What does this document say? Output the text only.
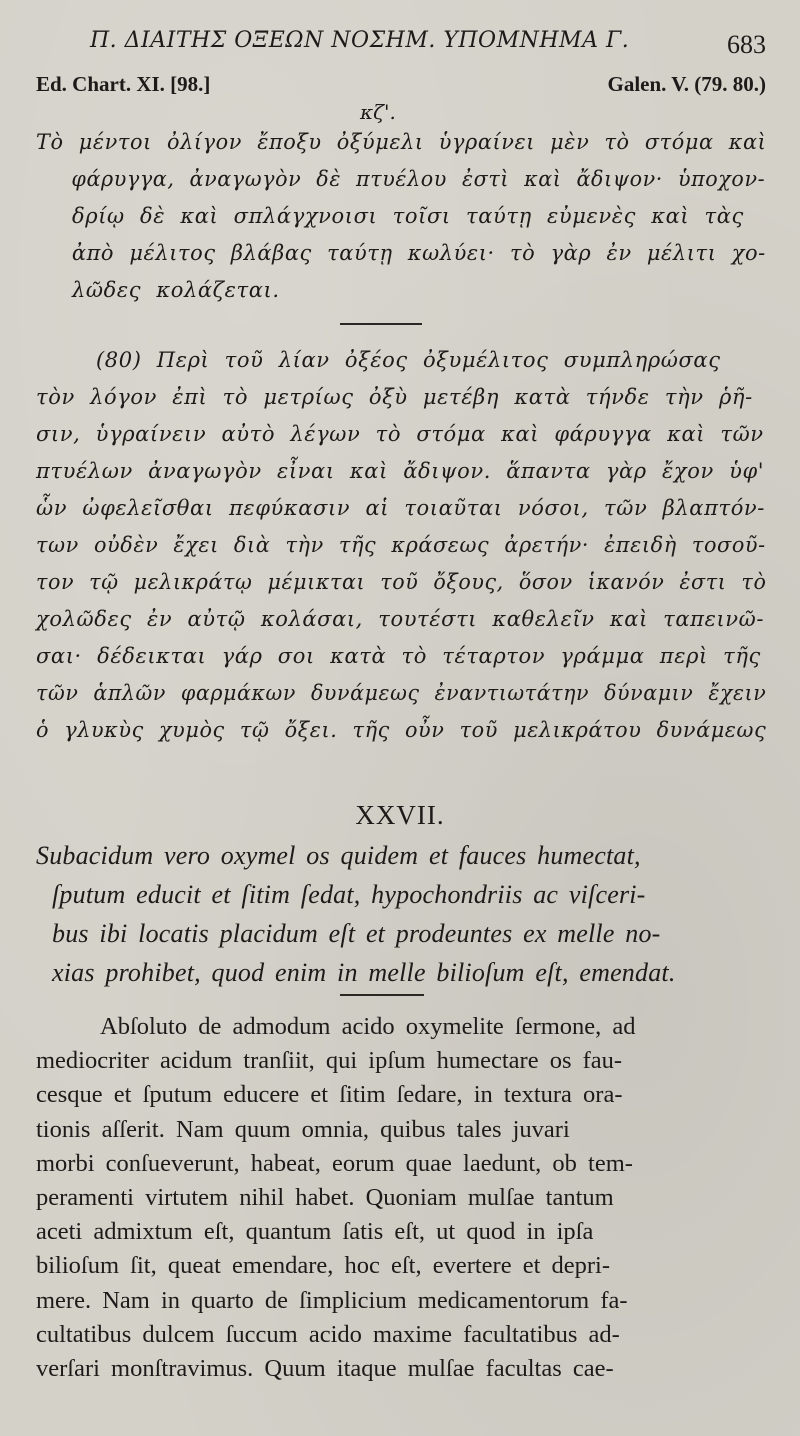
Π. ΔΙΑΙΤΗΣ ΟΞΕΩΝ ΝΟΣΗΜ. ΥΠΟΜΝΗΜΑ Γ.	683
Ed. Chart. XI. [98.]	Galen. V. (79. 80.)
κζ'.
Τὸ μέντοι ὀλίγον ἔποξυ ὀξύμελι ὑγραίνει μὲν τὸ στόμα καὶ
φάρυγγα, ἀναγωγὸν δὲ πτυέλου ἐστὶ καὶ ἄδιψον· ὑποχον-
δρίῳ δὲ καὶ σπλάγχνοισι τοῖσι ταύτῃ εὐμενὲς καὶ τὰς
ἀπὸ μέλιτος βλάβας ταύτῃ κωλύει· τὸ γὰρ ἐν μέλιτι χο-
λῶδες κολάζεται.
(80) Περὶ τοῦ λίαν ὀξέος ὀξυμέλιτος συμπληρώσας
τὸν λόγον ἐπὶ τὸ μετρίως ὀξὺ μετέβη κατὰ τήνδε τὴν ῥῆ-
σιν, ὑγραίνειν αὐτὸ λέγων τὸ στόμα καὶ φάρυγγα καὶ τῶν
πτυέλων ἀναγωγὸν εἶναι καὶ ἄδιψον. ἅπαντα γὰρ ἔχον ὑφ'
ὧν ὠφελεῖσθαι πεφύκασιν αἱ τοιαῦται νόσοι, τῶν βλαπτόν-
των οὐδὲν ἔχει διὰ τὴν τῆς κράσεως ἀρετήν· ἐπειδὴ τοσοῦ-
τον τῷ μελικράτῳ μέμικται τοῦ ὄξους, ὅσον ἱκανόν ἐστι τὸ
χολῶδες ἐν αὐτῷ κολάσαι, τουτέστι καθελεῖν καὶ ταπεινῶ-
σαι· δέδεικται γάρ σοι κατὰ τὸ τέταρτον γράμμα περὶ τῆς
τῶν ἁπλῶν φαρμάκων δυνάμεως ἐναντιωτάτην δύναμιν ἔχειν
ὁ γλυκὺς χυμὸς τῷ ὄξει. τῆς οὖν τοῦ μελικράτου δυνάμεως
XXVII.
Subacidum vero oxymel os quidem et fauces humectat,
ſputum educit et ſitim ſedat, hypochondriis ac viſceri-
bus ibi locatis placidum eſt et prodeuntes ex melle no-
xias prohibet, quod enim in melle bilioſum eſt, emendat.
Abſoluto de admodum acido oxymelite ſermone, ad
mediocriter acidum tranſiit, qui ipſum humectare os fau-
cesque et ſputum educere et ſitim ſedare, in textura ora-
tionis aſſerit. Nam quum omnia, quibus tales juvari
morbi conſueverunt, habeat, eorum quae laedunt, ob tem-
peramenti virtutem nihil habet. Quoniam mulſae tantum
aceti admixtum eſt, quantum ſatis eſt, ut quod in ipſa
bilioſum ſit, queat emendare, hoc eſt, evertere et depri-
mere. Nam in quarto de ſimplicium medicamentorum fa-
cultatibus dulcem ſuccum acido maxime facultatibus ad-
verſari monſtravimus. Quum itaque mulſae facultas cae-
